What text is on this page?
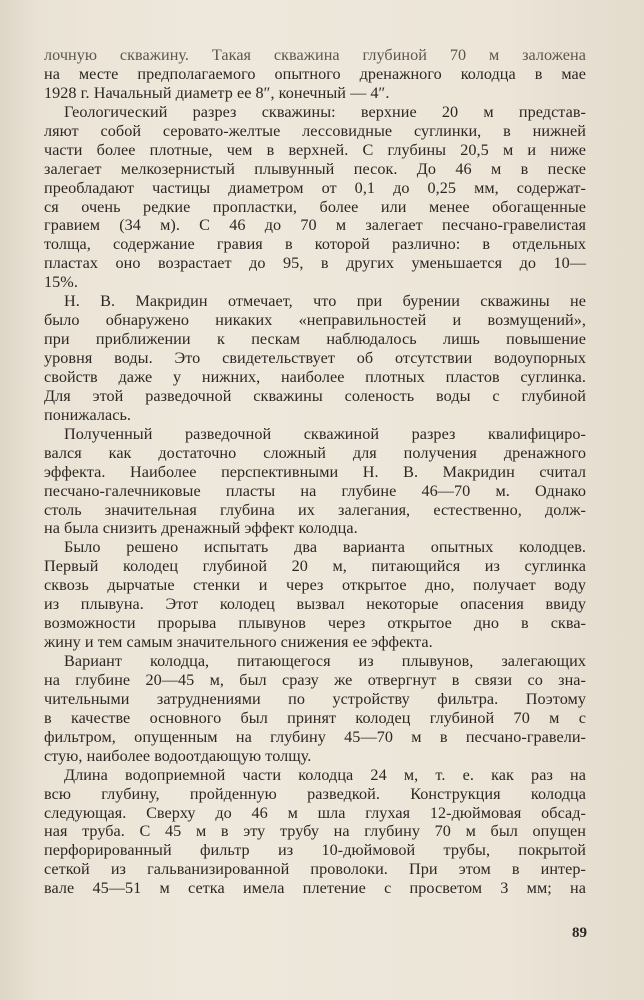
лочную скважину. Такая скважина глубиной 70 м заложена
на месте предполагаемого опытного дренажного колодца в мае
1928 г. Начальный диаметр ее 8″, конечный — 4″.
Геологический разрез скважины: верхние 20 м представ-
ляют собой серовато-желтые лессовидные суглинки, в нижней
части более плотные, чем в верхней. С глубины 20,5 м и ниже
залегает мелкозернистый плывунный песок. До 46 м в песке
преобладают частицы диаметром от 0,1 до 0,25 мм, содержат-
ся очень редкие пропластки, более или менее обогащенные
гравием (34 м). С 46 до 70 м залегает песчано-гравелистая
толща, содержание гравия в которой различно: в отдельных
пластах оно возрастает до 95, в других уменьшается до 10—
15%.
Н. В. Макридин отмечает, что при бурении скважины не
было обнаружено никаких «неправильностей и возмущений»,
при приближении к пескам наблюдалось лишь повышение
уровня воды. Это свидетельствует об отсутствии водоупорных
свойств даже у нижних, наиболее плотных пластов суглинка.
Для этой разведочной скважины соленость воды с глубиной
понижалась.
Полученный разведочной скважиной разрез квалифициро-
вался как достаточно сложный для получения дренажного
эффекта. Наиболее перспективными Н. В. Макридин считал
песчано-галечниковые пласты на глубине 46—70 м. Однако
столь значительная глубина их залегания, естественно, долж-
на была снизить дренажный эффект колодца.
Было решено испытать два варианта опытных колодцев.
Первый колодец глубиной 20 м, питающийся из суглинка
сквозь дырчатые стенки и через открытое дно, получает воду
из плывуна. Этот колодец вызвал некоторые опасения ввиду
возможности прорыва плывунов через открытое дно в сква-
жину и тем самым значительного снижения ее эффекта.
Вариант колодца, питающегося из плывунов, залегающих
на глубине 20—45 м, был сразу же отвергнут в связи со зна-
чительными затруднениями по устройству фильтра. Поэтому
в качестве основного был принят колодец глубиной 70 м с
фильтром, опущенным на глубину 45—70 м в песчано-гравели-
стую, наиболее водоотдающую толщу.
Длина водоприемной части колодца 24 м, т. е. как раз на
всю глубину, пройденную разведкой. Конструкция колодца
следующая. Сверху до 46 м шла глухая 12-дюймовая обсад-
ная труба. С 45 м в эту трубу на глубину 70 м был опущен
перфорированный фильтр из 10-дюймовой трубы, покрытой
сеткой из гальванизированной проволоки. При этом в интер-
вале 45—51 м сетка имела плетение с просветом 3 мм; на
89
